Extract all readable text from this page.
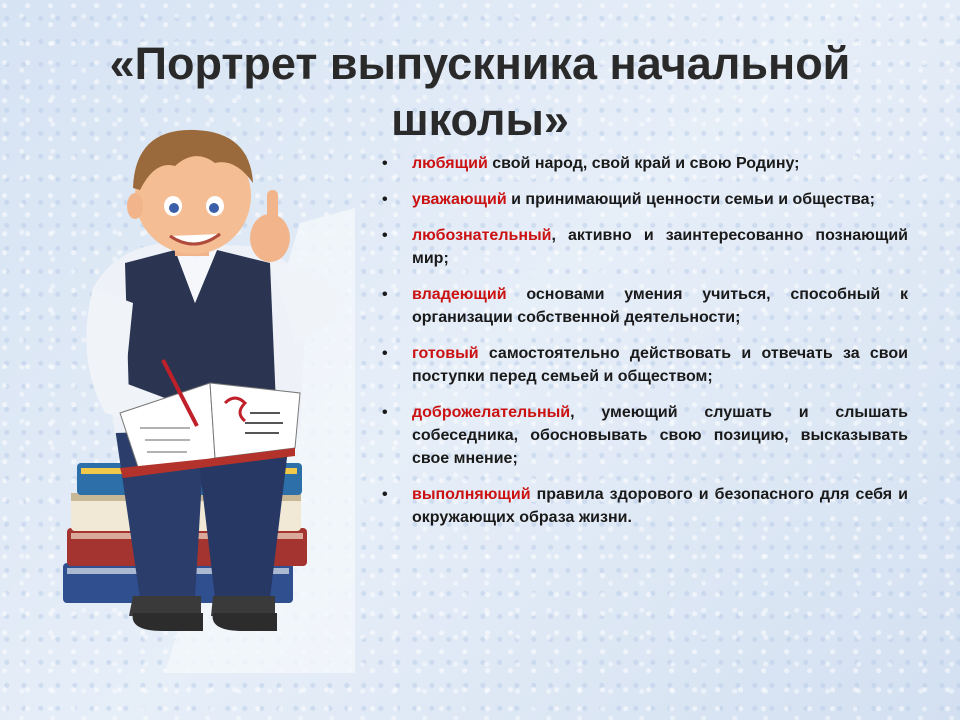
«Портрет выпускника начальной школы»
• любящий свой народ, свой край и свою Родину;
• уважающий и принимающий ценности семьи и общества;
• любознательный, активно и заинтересованно познающий мир;
• владеющий основами умения учиться, способный к организации собственной деятельности;
• готовый самостоятельно действовать и отвечать за свои поступки перед семьей и обществом;
• доброжелательный, умеющий слушать и слышать собеседника, обосновывать свою позицию, высказывать свое мнение;
• выполняющий правила здорового и безопасного для себя и окружающих образа жизни.
